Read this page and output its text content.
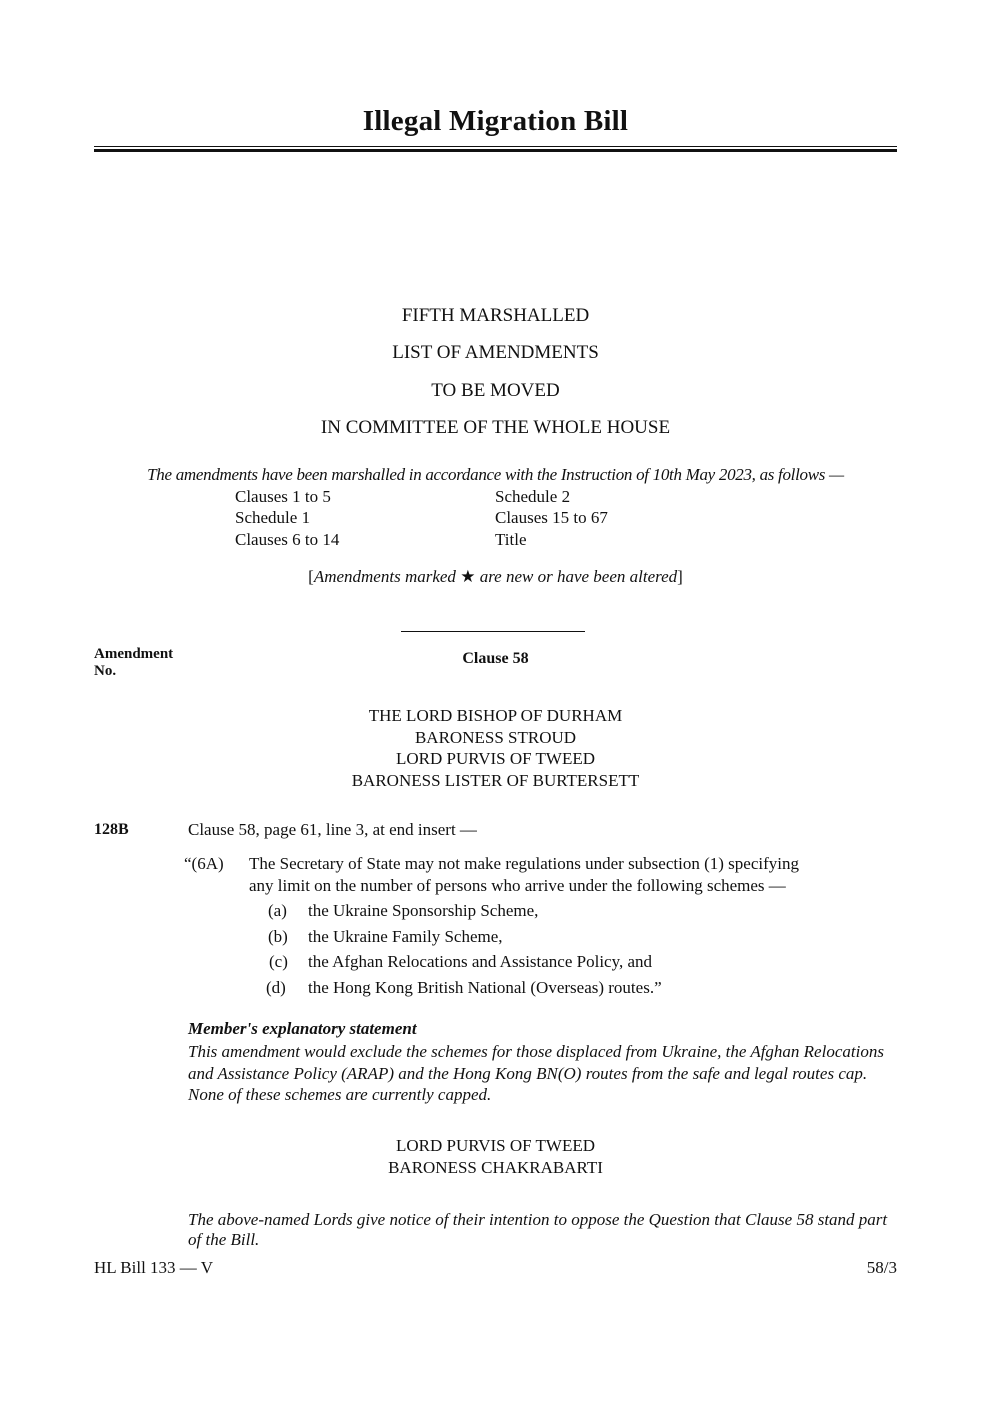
Illegal Migration Bill
FIFTH MARSHALLED
LIST OF AMENDMENTS
TO BE MOVED
IN COMMITTEE OF THE WHOLE HOUSE
The amendments have been marshalled in accordance with the Instruction of 10th May 2023, as follows —
Clauses 1 to 5
Schedule 1
Clauses 6 to 14
Schedule 2
Clauses 15 to 67
Title
[Amendments marked ★ are new or have been altered]
Amendment
No.
Clause 58
THE LORD BISHOP OF DURHAM
BARONESS STROUD
LORD PURVIS OF TWEED
BARONESS LISTER OF BURTERSETT
128B	Clause 58, page 61, line 3, at end insert —
“(6A) The Secretary of State may not make regulations under subsection (1) specifying
any limit on the number of persons who arrive under the following schemes —
(a) the Ukraine Sponsorship Scheme,
(b) the Ukraine Family Scheme,
(c) the Afghan Relocations and Assistance Policy, and
(d) the Hong Kong British National (Overseas) routes.”
Member's explanatory statement
This amendment would exclude the schemes for those displaced from Ukraine, the Afghan Relocations and Assistance Policy (ARAP) and the Hong Kong BN(O) routes from the safe and legal routes cap. None of these schemes are currently capped.
LORD PURVIS OF TWEED
BARONESS CHAKRABARTI
The above-named Lords give notice of their intention to oppose the Question that Clause 58 stand part of the Bill.
HL Bill 133 — V	58/3
